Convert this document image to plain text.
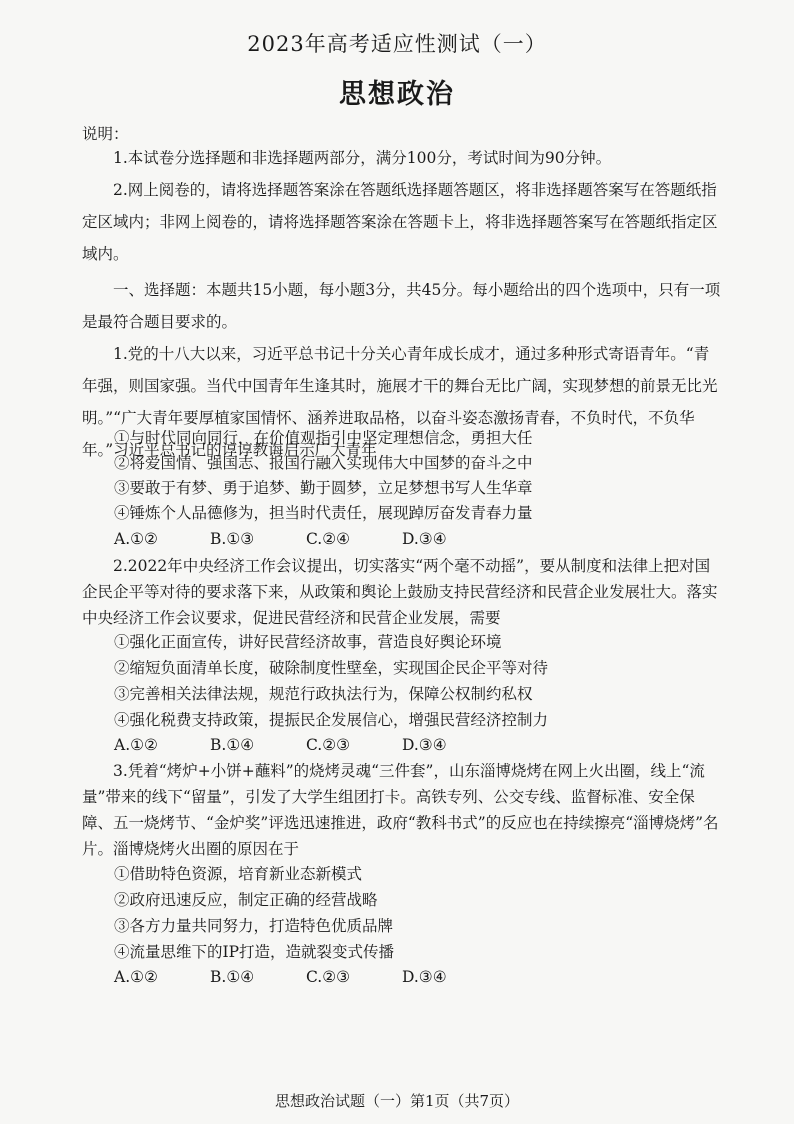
2023年高考适应性测试（一）
思想政治
说明：

1.本试卷分选择题和非选择题两部分，满分100分，考试时间为90分钟。

2.网上阅卷的，请将选择题答案涂在答题纸选择题答题区，将非选择题答案写在答题纸指定区域内；非网上阅卷的，请将选择题答案涂在答题卡上，将非选择题答案写在答题纸指定区域内。

一、选择题：本题共15小题，每小题3分，共45分。每小题给出的四个选项中，只有一项是最符合题目要求的。

1.党的十八大以来，习近平总书记十分关心青年成长成才，通过多种形式寄语青年。“青年强，则国家强。当代中国青年生逢其时，施展才干的舞台无比广阔，实现梦想的前景无比光明。”“广大青年要厚植家国情怀、涵养进取品格，以奋斗姿态激扬青春，不负时代，不负华年。”习近平总书记的谆谆教诲启示广大青年

①与时代同向同行，在价值观指引中坚定理想信念，勇担大任
②将爱国情、强国志、报国行融入实现伟大中国梦的奋斗之中
③要敢于有梦、勇于追梦、勤于圆梦，立足梦想书写人生华章
④锤炼个人品德修为，担当时代责任，展现踔厉奋发青春力量
A.①②	B.①③	C.②④	D.③④

2.2022年中央经济工作会议提出，切实落实“两个毫不动摇”，要从制度和法律上把对国企民企平等对待的要求落下来，从政策和舆论上鼓励支持民营经济和民营企业发展壮大。落实中央经济工作会议要求，促进民营经济和民营企业发展，需要

①强化正面宣传，讲好民营经济故事，营造良好舆论环境
②缩短负面清单长度，破除制度性壁垒，实现国企民企平等对待
③完善相关法律法规，规范行政执法行为，保障公权制约私权
④强化税费支持政策，提振民企发展信心，增强民营经济控制力
A.①②	B.①④	C.②③	D.③④

3.凭着“烤炉+小饼+蘸料”的烧烤灵魂“三件套”，山东淄博烧烤在网上火出圈，线上“流量”带来的线下“留量”，引发了大学生组团打卡。高铁专列、公交专线、监督标准、安全保障、五一烧烤节、“金炉奖”评选迅速推进，政府“教科书式”的反应也在持续擦亮“淄博烧烤”名片。淄博烧烤火出圈的原因在于

①借助特色资源，培育新业态新模式
②政府迅速反应，制定正确的经营战略
③各方力量共同努力，打造特色优质品牌
④流量思维下的IP打造，造就裂变式传播
A.①②	B.①④	C.②③	D.③④
思想政治试题（一）第1页（共7页）
